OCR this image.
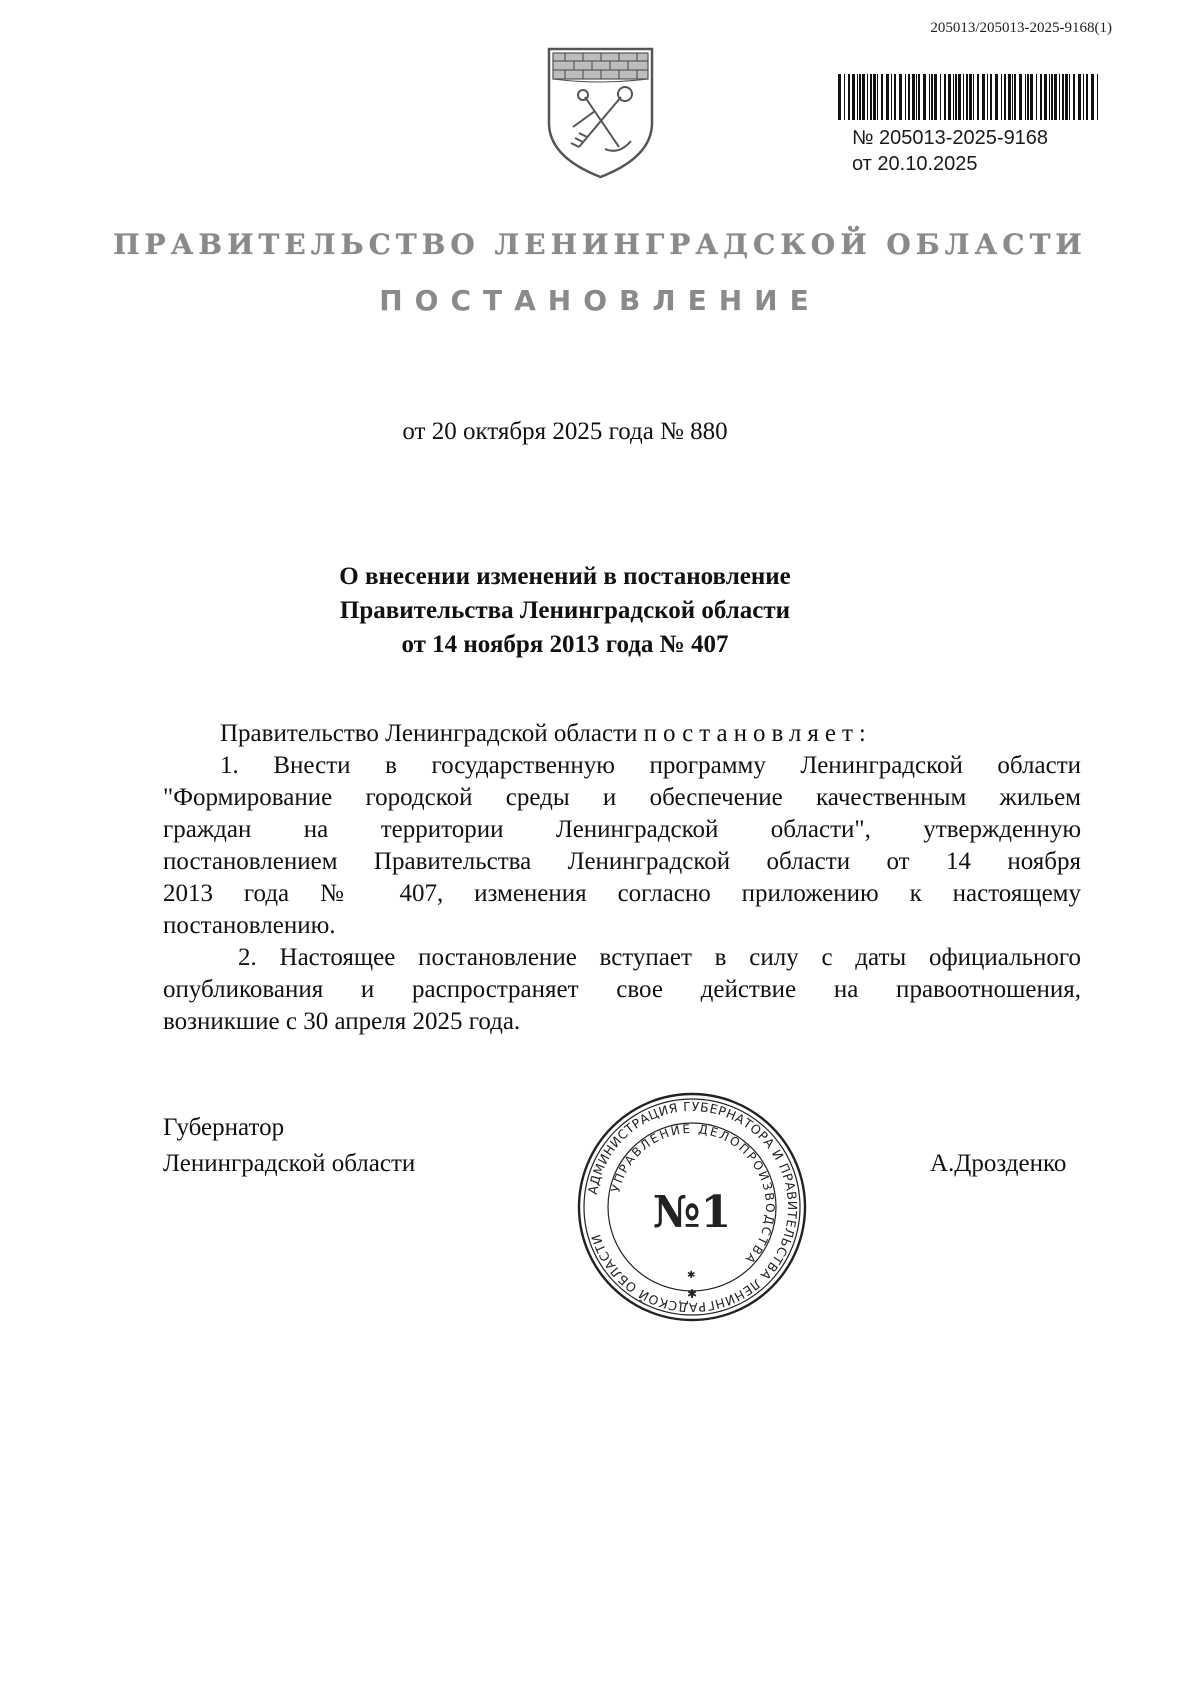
205013/205013-2025-9168(1)
№ 205013-2025-9168
от 20.10.2025
ПРАВИТЕЛЬСТВО ЛЕНИНГРАДСКОЙ ОБЛАСТИ
ПОСТАНОВЛЕНИЕ
от 20 октября 2025 года № 880
О внесении изменений в постановление
Правительства Ленинградской области
от 14 ноября 2013 года № 407
Правительство Ленинградской области постановляет:
1. Внести в государственную программу Ленинградской области
"Формирование городской среды и обеспечение качественным жильем
граждан на территории Ленинградской области", утвержденную
постановлением Правительства Ленинградской области от 14 ноября
2013 года № 407, изменения согласно приложению к настоящему
постановлению.
2. Настоящее постановление вступает в силу с даты официального
опубликования и распространяет свое действие на правоотношения,
возникшие с 30 апреля 2025 года.
Губернатор
Ленинградской области	А.Дрозденко
АДМИНИСТРАЦИЯ ГУБЕРНАТОРА И ПРАВИТЕЛЬСТВА ЛЕНИНГРАДСКОЙ ОБЛАСТИ
УПРАВЛЕНИЕ ДЕЛОПРОИЗВОДСТВА
№1
✱
✱
